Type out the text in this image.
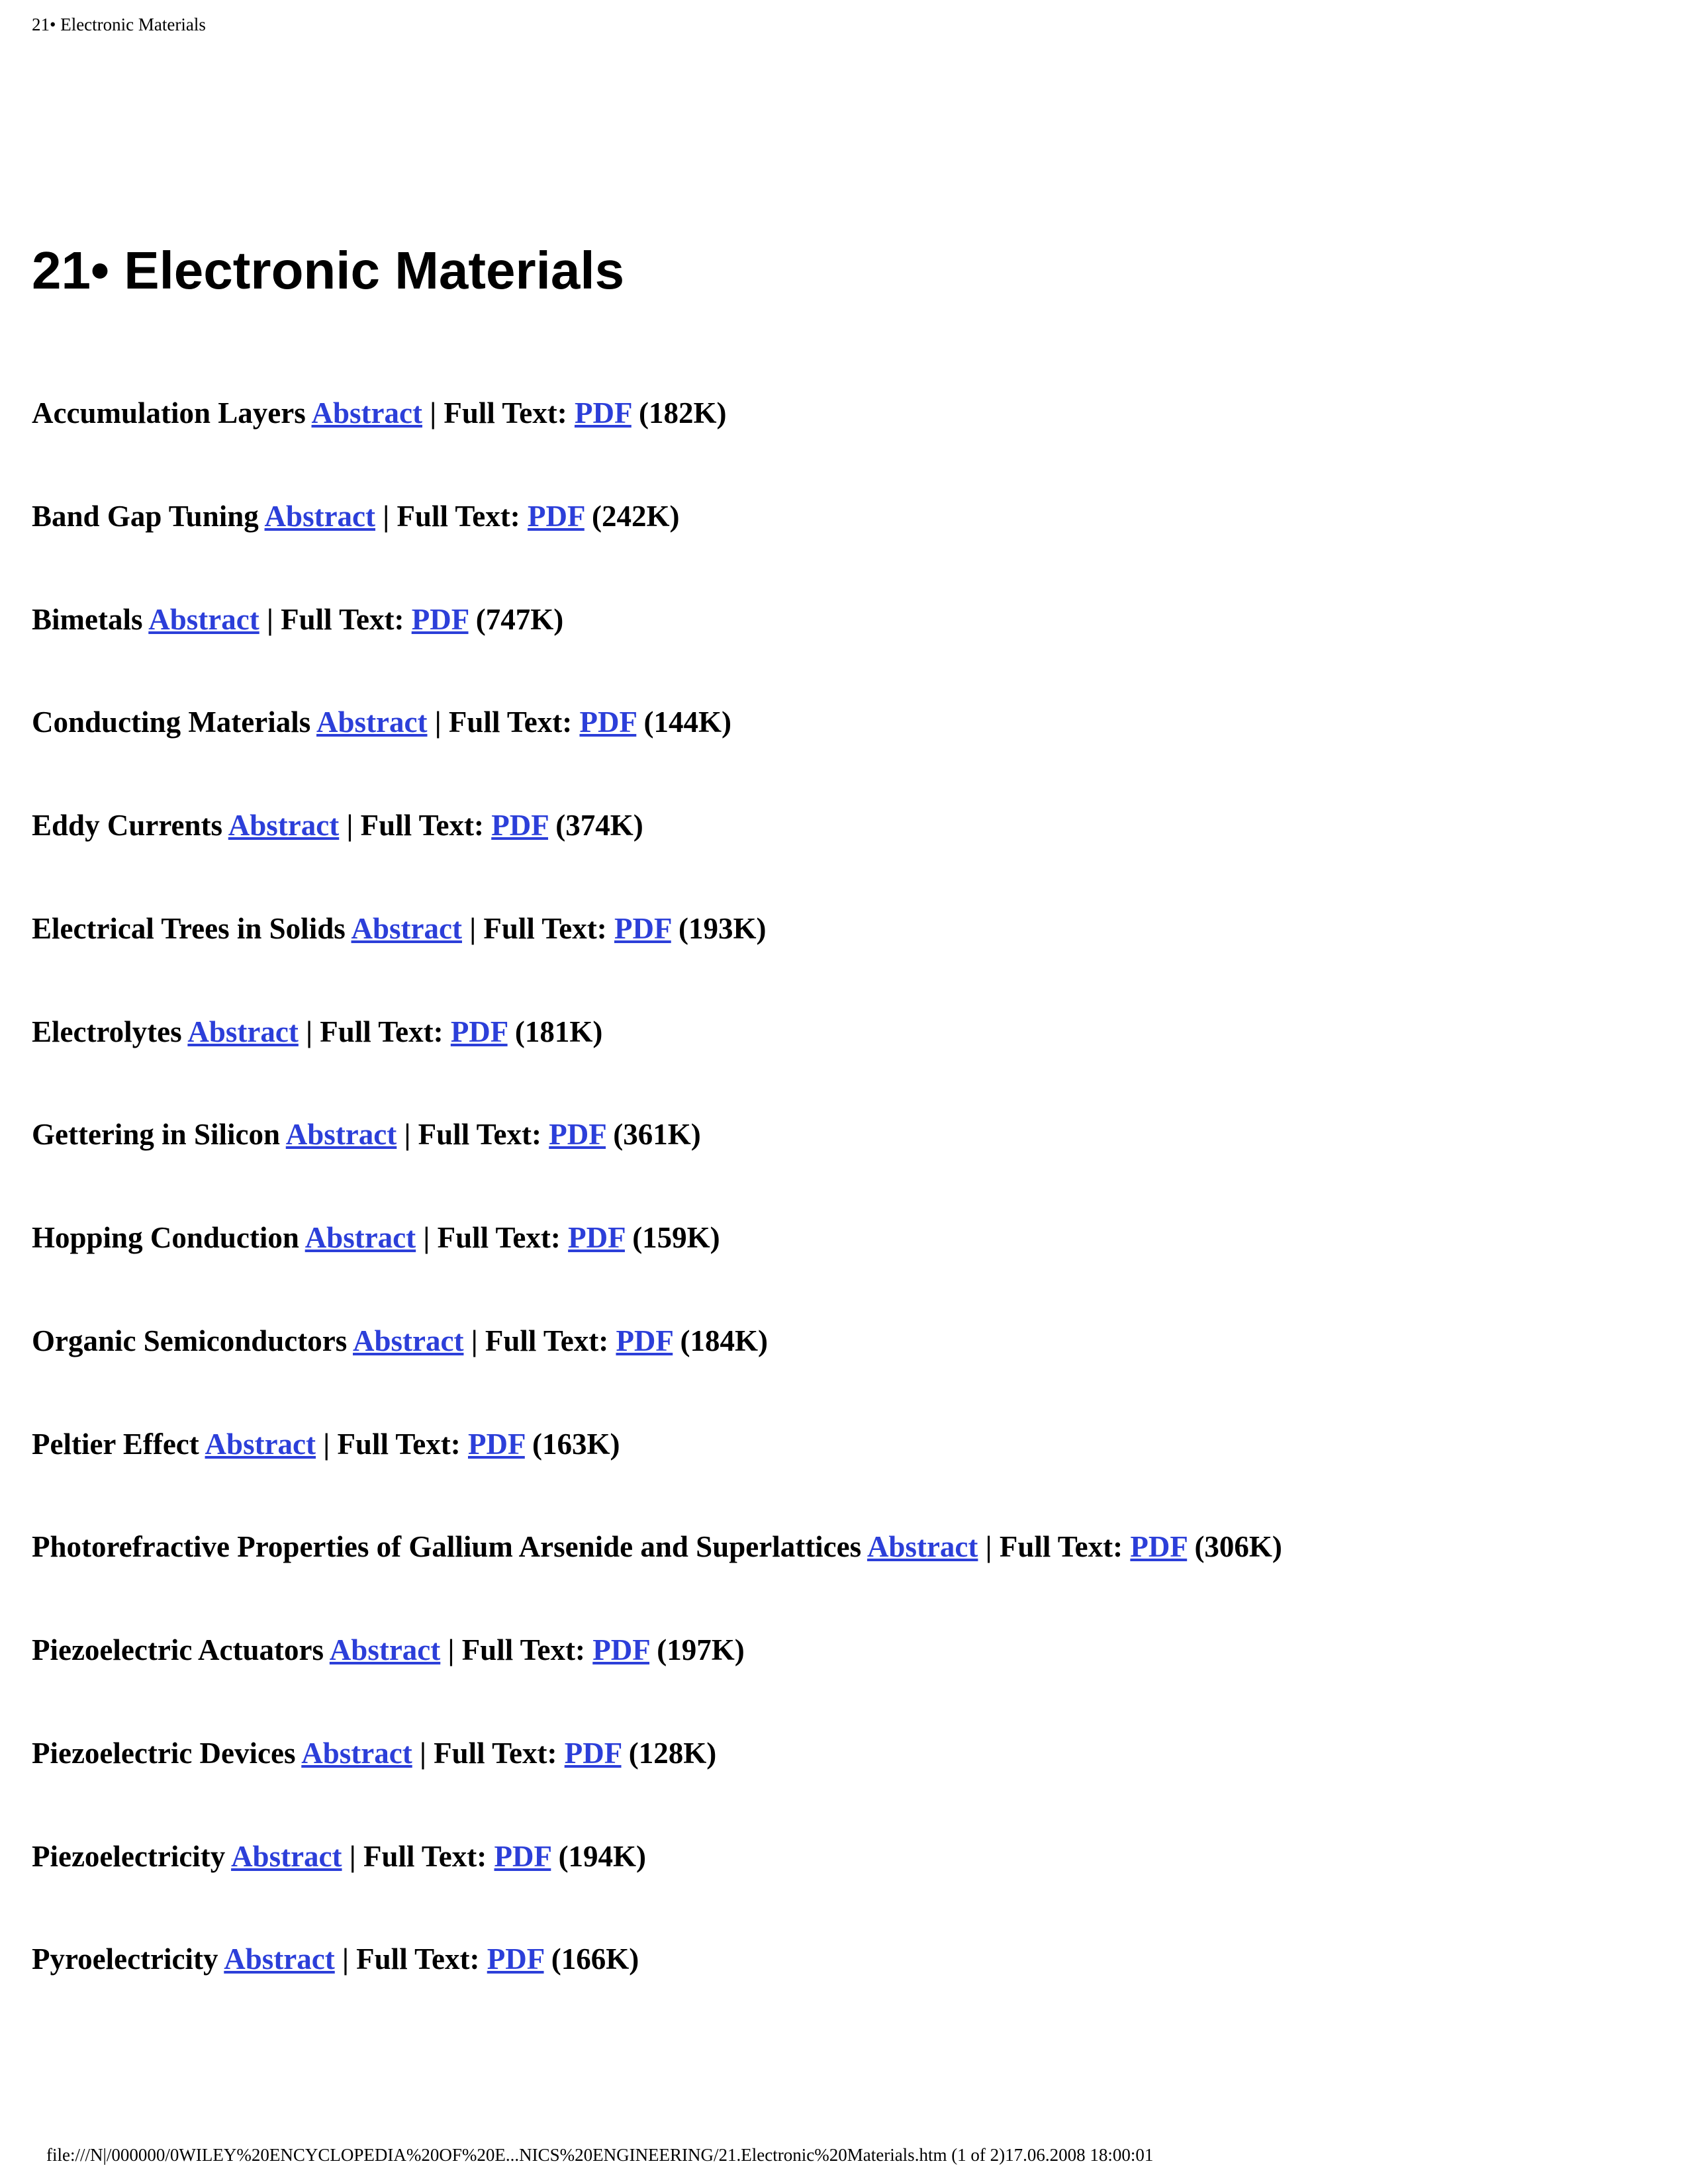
21• Electronic Materials
21• Electronic Materials

Accumulation Layers Abstract | Full Text: PDF (182K)

Band Gap Tuning Abstract | Full Text: PDF (242K)

Bimetals Abstract | Full Text: PDF (747K)

Conducting Materials Abstract | Full Text: PDF (144K)

Eddy Currents Abstract | Full Text: PDF (374K)

Electrical Trees in Solids Abstract | Full Text: PDF (193K)

Electrolytes Abstract | Full Text: PDF (181K)

Gettering in Silicon Abstract | Full Text: PDF (361K)

Hopping Conduction Abstract | Full Text: PDF (159K)

Organic Semiconductors Abstract | Full Text: PDF (184K)

Peltier Effect Abstract | Full Text: PDF (163K)

Photorefractive Properties of Gallium Arsenide and Superlattices Abstract | Full Text: PDF (306K)

Piezoelectric Actuators Abstract | Full Text: PDF (197K)

Piezoelectric Devices Abstract | Full Text: PDF (128K)

Piezoelectricity Abstract | Full Text: PDF (194K)

Pyroelectricity Abstract | Full Text: PDF (166K)

file:///N|/000000/0WILEY%20ENCYCLOPEDIA%20OF%20E...NICS%20ENGINEERING/21.Electronic%20Materials.htm (1 of 2)17.06.2008 18:00:01
